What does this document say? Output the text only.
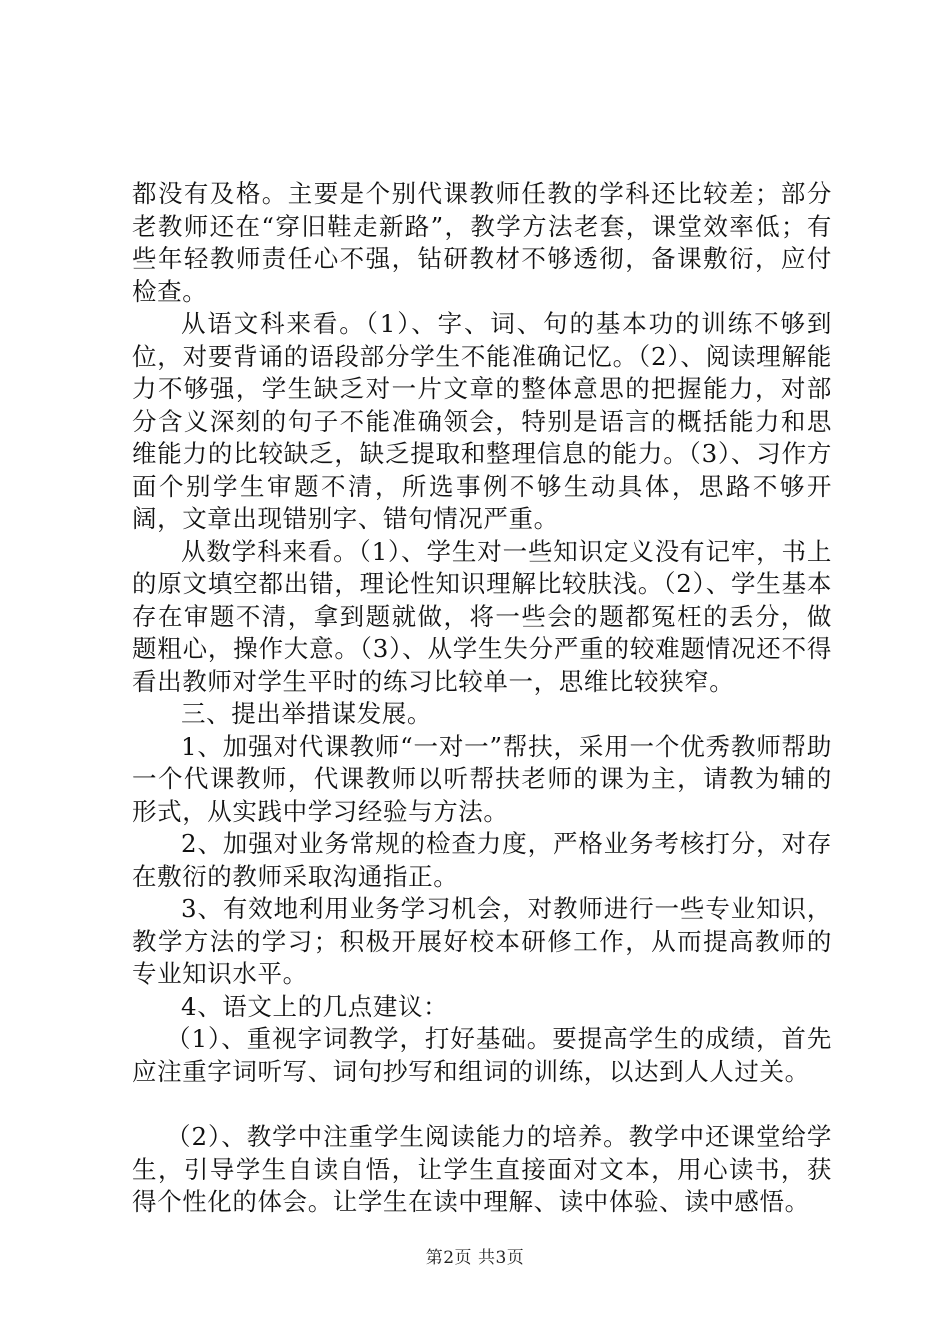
都没有及格。主要是个别代课教师任教的学科还比较差；部分老教师还在“穿旧鞋走新路”，教学方法老套，课堂效率低；有些年轻教师责任心不强，钻研教材不够透彻，备课敷衍，应付检查。

从语文科来看。（1）、字、词、句的基本功的训练不够到位，对要背诵的语段部分学生不能准确记忆。（2）、阅读理解能力不够强，学生缺乏对一片文章的整体意思的把握能力，对部分含义深刻的句子不能准确领会，特别是语言的概括能力和思维能力的比较缺乏，缺乏提取和整理信息的能力。（3）、习作方面个别学生审题不清，所选事例不够生动具体，思路不够开阔，文章出现错别字、错句情况严重。

从数学科来看。（1）、学生对一些知识定义没有记牢，书上的原文填空都出错，理论性知识理解比较肤浅。（2）、学生基本存在审题不清，拿到题就做，将一些会的题都冤枉的丢分，做题粗心，操作大意。（3）、从学生失分严重的较难题情况还不得看出教师对学生平时的练习比较单一，思维比较狭窄。

三、提出举措谋发展。

1、加强对代课教师“一对一”帮扶，采用一个优秀教师帮助一个代课教师，代课教师以听帮扶老师的课为主，请教为辅的形式，从实践中学习经验与方法。

2、加强对业务常规的检查力度，严格业务考核打分，对存在敷衍的教师采取沟通指正。

3、有效地利用业务学习机会，对教师进行一些专业知识，教学方法的学习；积极开展好校本研修工作，从而提高教师的专业知识水平。

4、语文上的几点建议：

（1）、重视字词教学，打好基础。要提高学生的成绩，首先应注重字词听写、词句抄写和组词的训练，以达到人人过关。

（2）、教学中注重学生阅读能力的培养。教学中还课堂给学生，引导学生自读自悟，让学生直接面对文本，用心读书，获得个性化的体会。让学生在读中理解、读中体验、读中感悟。

第2页 共3页
